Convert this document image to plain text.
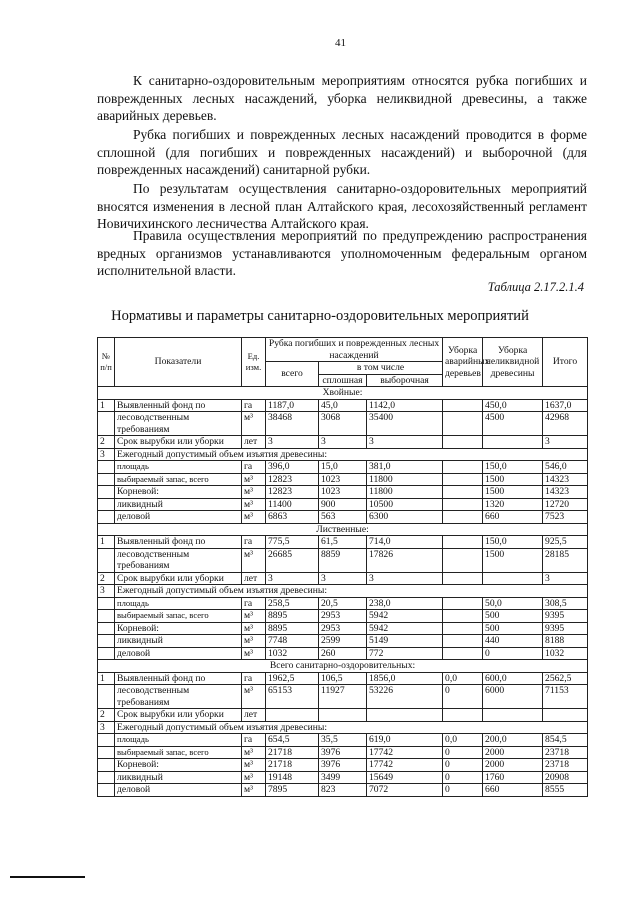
41

К санитарно-оздоровительным мероприятиям относятся рубка погибших и поврежденных лесных насаждений, уборка неликвидной древесины, а также аварийных деревьев.

Рубка погибших и поврежденных лесных насаждений проводится в форме сплошной (для погибших и поврежденных насаждений) и выборочной (для поврежденных насаждений) санитарной рубки.

По результатам осуществления санитарно-оздоровительных мероприятий вносятся изменения в лесной план Алтайского края, лесохозяйственный регламент Новичихинского лесничества Алтайского края.

Правила осуществления мероприятий по предупреждению распространения вредных организмов устанавливаются уполномоченным федеральным органом исполнительной власти.

Таблица 2.17.2.1.4
Нормативы и параметры санитарно-оздоровительных мероприятий
№ п/п	Показатели	Ед. изм.	Рубка погибших и поврежденных лесных насаждений			Уборка аварийных деревьев	Уборка неликвидной древесины	Итого
			всего	в том числе				
				сплошная	выборочная			
Хвойные:								
1	Выявленный фонд по	га	1187,0	45,0	1142,0		450,0	1637,0
	лесоводственным требованиям	м³	38468	3068	35400		4500	42968
2	Срок вырубки или уборки	лет	3	3	3			3
3	Ежегодный допустимый объем изъятия древесины:							
	площадь	га	396,0	15,0	381,0		150,0	546,0
	выбираемый запас, всего	м³	12823	1023	11800		1500	14323
	Корневой:	м³	12823	1023	11800		1500	14323
	ликвидный	м³	11400	900	10500		1320	12720
	деловой	м³	6863	563	6300		660	7523
Лиственные:								
1	Выявленный фонд по	га	775,5	61,5	714,0		150,0	925,5
	лесоводственным требованиям	м³	26685	8859	17826		1500	28185
2	Срок вырубки или уборки	лет	3	3	3			3
3	Ежегодный допустимый объем изъятия древесины:							
	площадь	га	258,5	20,5	238,0		50,0	308,5
	выбираемый запас, всего	м³	8895	2953	5942		500	9395
	Корневой:	м³	8895	2953	5942		500	9395
	ликвидный	м³	7748	2599	5149		440	8188
	деловой	м³	1032	260	772		0	1032
Всего санитарно-оздоровительных:								
1	Выявленный фонд по	га	1962,5	106,5	1856,0	0,0	600,0	2562,5
	лесоводственным требованиям	м³	65153	11927	53226	0	6000	71153
2	Срок вырубки или уборки	лет						
3	Ежегодный допустимый объем изъятия древесины:							
	площадь	га	654,5	35,5	619,0	0,0	200,0	854,5
	выбираемый запас, всего	м³	21718	3976	17742	0	2000	23718
	Корневой:	м³	21718	3976	17742	0	2000	23718
	ликвидный	м³	19148	3499	15649	0	1760	20908
	деловой	м³	7895	823	7072	0	660	8555
